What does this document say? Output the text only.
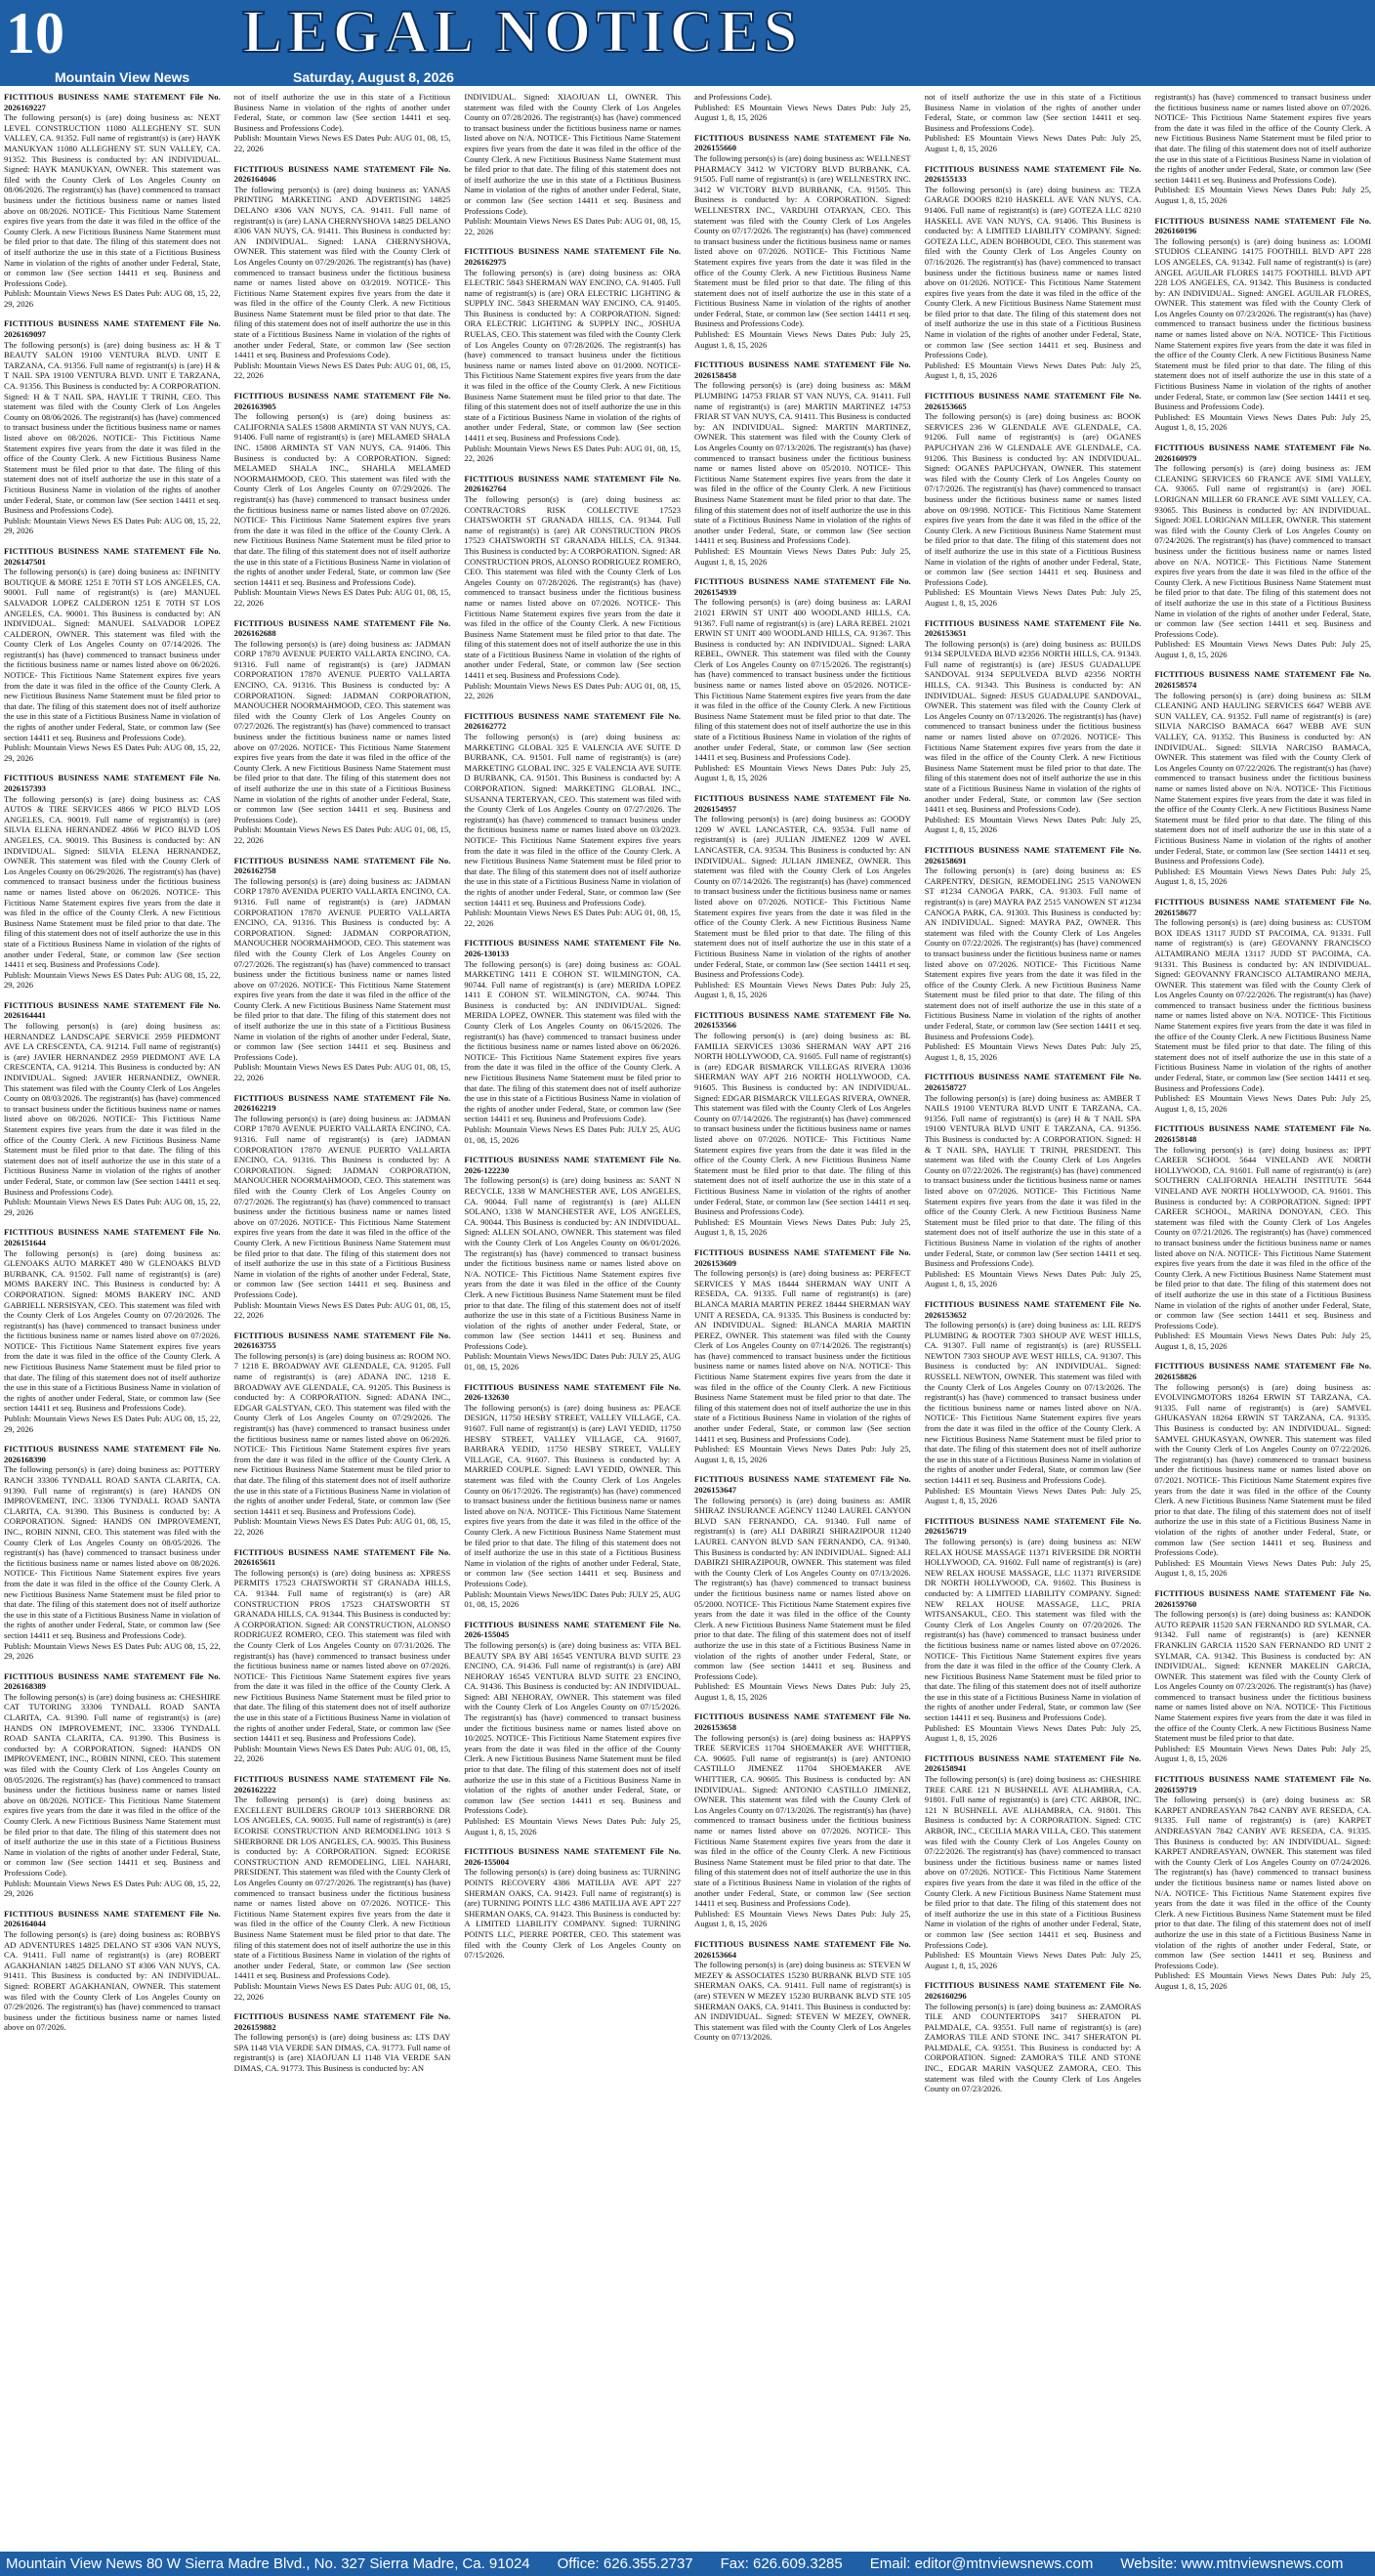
10	LEGAL NOTICES
Mountain View News	Saturday, August 8, 2026

FICTITIOUS BUSINESS NAME STATEMENT File No. 2026169227

The following person(s) is (are) doing business as: NEXT LEVEL CONSTRUCTION 11080 ALLEGHENY ST. SUN VALLEY, CA. 91352. Full name of registrant(s) is (are) HAYK MANUKYAN 11080 ALLEGHENY ST. SUN VALLEY, CA. 91352. This Business is conducted by: AN INDIVIDUAL. Signed: HAYK MANUKYAN, OWNER. This statement was filed with the County Clerk of Los Angeles County on 08/06/2026. The registrant(s) has (have) commenced to transact business under the fictitious business name or names listed above on 08/2026. NOTICE- This Fictitious Name Statement expires five years from the date it was filed in the office of the County Clerk. A new Fictitious Business Name Statement must be filed prior to that date. The filing of this statement does not of itself authorize the use in this state of a Fictitious Business Name in violation of the rights of another under Federal, State, or common law (See section 14411 et seq. Business and Professions Code).

Publish: Mountain Views News ES Dates Pub: AUG 08, 15, 22, 29, 2026

FICTITIOUS BUSINESS NAME STATEMENT File No. 2026169097

The following person(s) is (are) doing business as: H & T BEAUTY SALON 19100 VENTURA BLVD. UNIT E TARZANA, CA. 91356. Full name of registrant(s) is (are) H & T NAIL SPA 19100 VENTURA BLVD. UNIT E TARZANA, CA. 91356. This Business is conducted by: A CORPORATION. Signed: H & T NAIL SPA, HAYLIE T TRINH, CEO. This statement was filed with the County Clerk of Los Angeles County on 08/06/2026. The registrant(s) has (have) commenced to transact business under the fictitious business name or names listed above on 08/2026. NOTICE- This Fictitious Name Statement expires five years from the date it was filed in the office of the County Clerk. A new Fictitious Business Name Statement must be filed prior to that date. The filing of this statement does not of itself authorize the use in this state of a Fictitious Business Name in violation of the rights of another under Federal, State, or common law (See section 14411 et seq. Business and Professions Code).

Publish: Mountain Views News ES Dates Pub: AUG 08, 15, 22, 29, 2026

FICTITIOUS BUSINESS NAME STATEMENT File No. 2026147501

The following person(s) is (are) doing business as: INFINITY BOUTIQUE & MORE 1251 E 70TH ST LOS ANGELES, CA. 90001. Full name of registrant(s) is (are) MANUEL SALVADOR LOPEZ CALDERON 1251 E 70TH ST LOS ANGELES, CA. 90001. This Business is conducted by: AN INDIVIDUAL. Signed: MANUEL SALVADOR LOPEZ CALDERON, OWNER. This statement was filed with the County Clerk of Los Angeles County on 07/14/2026. The registrant(s) has (have) commenced to transact business under the fictitious business name or names listed above on 06/2026. NOTICE- This Fictitious Name Statement expires five years from the date it was filed in the office of the County Clerk. A new Fictitious Business Name Statement must be filed prior to that date. The filing of this statement does not of itself authorize the use in this state of a Fictitious Business Name in violation of the rights of another under Federal, State, or common law (See section 14411 et seq. Business and Professions Code).

Publish: Mountain Views News ES Dates Pub: AUG 08, 15, 22, 29, 2026

FICTITIOUS BUSINESS NAME STATEMENT File No. 2026157393

The following person(s) is (are) doing business as: CAS AUTOS & TIRE SERVICES 4866 W PICO BLVD LOS ANGELES, CA. 90019. Full name of registrant(s) is (are) SILVIA ELENA HERNANDEZ 4866 W PICO BLVD LOS ANGELES, CA. 90019. This Business is conducted by: AN INDIVIDUAL. Signed: SILVIA ELENA HERNANDEZ, OWNER. This statement was filed with the County Clerk of Los Angeles County on 06/29/2026. The registrant(s) has (have) commenced to transact business under the fictitious business name or names listed above on 06/2026. NOTICE- This Fictitious Name Statement expires five years from the date it was filed in the office of the County Clerk. A new Fictitious Business Name Statement must be filed prior to that date. The filing of this statement does not of itself authorize the use in this state of a Fictitious Business Name in violation of the rights of another under Federal, State, or common law (See section 14411 et seq. Business and Professions Code).

Publish: Mountain Views News ES Dates Pub: AUG 08, 15, 22, 29, 2026

FICTITIOUS BUSINESS NAME STATEMENT File No. 2026164441

The following person(s) is (are) doing business as: HERNANDEZ LANDSCAPE SERVICE 2959 PIEDMONT AVE LA CRESCENTA, CA. 91214. Full name of registrant(s) is (are) JAVIER HERNANDEZ 2959 PIEDMONT AVE LA CRESCENTA, CA. 91214. This Business is conducted by: AN INDIVIDUAL. Signed: JAVIER HERNANDEZ, OWNER. This statement was filed with the County Clerk of Los Angeles County on 08/03/2026. The registrant(s) has (have) commenced to transact business under the fictitious business name or names listed above on 08/2026. NOTICE- This Fictitious Name Statement expires five years from the date it was filed in the office of the County Clerk. A new Fictitious Business Name Statement must be filed prior to that date. The filing of this statement does not of itself authorize the use in this state of a Fictitious Business Name in violation of the rights of another under Federal, State, or common law (See section 14411 et seq. Business and Professions Code).

Publish: Mountain Views News ES Dates Pub: AUG 08, 15, 22, 29, 2026

FICTITIOUS BUSINESS NAME STATEMENT File No. 2026151644

The following person(s) is (are) doing business as: GLENOAKS AUTO MARKET 480 W GLENOAKS BLVD BURBANK, CA. 91502. Full name of registrant(s) is (are) MOMS BAKERY INC. This Business is conducted by: A CORPORATION. Signed: MOMS BAKERY INC. AND GABRIELL NERSISYAN, CEO. This statement was filed with the County Clerk of Los Angeles County on 07/20/2026. The registrant(s) has (have) commenced to transact business under the fictitious business name or names listed above on 07/2026. NOTICE- This Fictitious Name Statement expires five years from the date it was filed in the office of the County Clerk. A new Fictitious Business Name Statement must be filed prior to that date. The filing of this statement does not of itself authorize the use in this state of a Fictitious Business Name in violation of the rights of another under Federal, State, or common law (See section 14411 et seq. Business and Professions Code).

Publish: Mountain Views News ES Dates Pub: AUG 08, 15, 22, 29, 2026

FICTITIOUS BUSINESS NAME STATEMENT File No. 2026168390

The following person(s) is (are) doing business as: POTTERY RANCH 33306 TYNDALL ROAD SANTA CLARITA, CA. 91390. Full name of registrant(s) is (are) HANDS ON IMPROVEMENT, INC. 33306 TYNDALL ROAD SANTA CLARITA, CA. 91390. This Business is conducted by: A CORPORATION. Signed: HANDS ON IMPROVEMENT, INC., ROBIN NINNI, CEO. This statement was filed with the County Clerk of Los Angeles County on 08/05/2026. The registrant(s) has (have) commenced to transact business under the fictitious business name or names listed above on 08/2026. NOTICE- This Fictitious Name Statement expires five years from the date it was filed in the office of the County Clerk. A new Fictitious Business Name Statement must be filed prior to that date. The filing of this statement does not of itself authorize the use in this state of a Fictitious Business Name in violation of the rights of another under Federal, State, or common law (See section 14411 et seq. Business and Professions Code).

Publish: Mountain Views News ES Dates Pub: AUG 08, 15, 22, 29, 2026

FICTITIOUS BUSINESS NAME STATEMENT File No. 2026168389

The following person(s) is (are) doing business as: CHESHIRE CAT TUTORING 33306 TYNDALL ROAD SANTA CLARITA, CA. 91390. Full name of registrant(s) is (are) HANDS ON IMPROVEMENT, INC. 33306 TYNDALL ROAD SANTA CLARITA, CA. 91390. This Business is conducted by: A CORPORATION. Signed: HANDS ON IMPROVEMENT, INC., ROBIN NINNI, CEO. This statement was filed with the County Clerk of Los Angeles County on 08/05/2026. The registrant(s) has (have) commenced to transact business under the fictitious business name or names listed above on 08/2026. NOTICE- This Fictitious Name Statement expires five years from the date it was filed in the office of the County Clerk. A new Fictitious Business Name Statement must be filed prior to that date. The filing of this statement does not of itself authorize the use in this state of a Fictitious Business Name in violation of the rights of another under Federal, State, or common law (See section 14411 et seq. Business and Professions Code).

Publish: Mountain Views News ES Dates Pub: AUG 08, 15, 22, 29, 2026

FICTITIOUS BUSINESS NAME STATEMENT File No. 2026164044

The following person(s) is (are) doing business as: ROBBYS AD ADVENTURES 14825 DELANO ST #306 VAN NUYS, CA. 91411. Full name of registrant(s) is (are) ROBERT AGAKHANIAN 14825 DELANO ST #306 VAN NUYS, CA. 91411. This Business is conducted by: AN INDIVIDUAL. Signed: ROBERT AGAKHANIAN, OWNER. This statement was filed with the County Clerk of Los Angeles County on 07/29/2026. The registrant(s) has (have) commenced to transact business under the fictitious business name or names listed above on 07/2026.

not of itself authorize the use in this state of a Fictitious Business Name in violation of the rights of another under Federal, State, or common law (See section 14411 et seq. Business and Professions Code).

Publish: Mountain Views News ES Dates Pub: AUG 01, 08, 15, 22, 2026

FICTITIOUS BUSINESS NAME STATEMENT File No. 2026164046

The following person(s) is (are) doing business as: YANAS PRINTING MARKETING AND ADVERTISING 14825 DELANO #306 VAN NUYS, CA. 91411. Full name of registrant(s) is (are) LANA CHERNYSHOVA 14825 DELANO #306 VAN NUYS, CA. 91411. This Business is conducted by: AN INDIVIDUAL. Signed: LANA CHERNYSHOVA, OWNER. This statement was filed with the County Clerk of Los Angeles County on 07/29/2026. The registrant(s) has (have) commenced to transact business under the fictitious business name or names listed above on 03/2019. NOTICE- This Fictitious Name Statement expires five years from the date it was filed in the office of the County Clerk. A new Fictitious Business Name Statement must be filed prior to that date. The filing of this statement does not of itself authorize the use in this state of a Fictitious Business Name in violation of the rights of another under Federal, State, or common law (See section 14411 et seq. Business and Professions Code).

Publish: Mountain Views News ES Dates Pub: AUG 01, 08, 15, 22, 2026

FICTITIOUS BUSINESS NAME STATEMENT File No. 2026163905

The following person(s) is (are) doing business as: CALIFORNIA SALES 15808 ARMINTA ST VAN NUYS, CA. 91406. Full name of registrant(s) is (are) MELAMED SHALA INC. 15808 ARMINTA ST VAN NUYS, CA. 91406. This Business is conducted by: A CORPORATION. Signed: MELAMED SHALA INC., SHAHLA MELAMED NOORMAHMOOD, CEO. This statement was filed with the County Clerk of Los Angeles County on 07/29/2026. The registrant(s) has (have) commenced to transact business under the fictitious business name or names listed above on 07/2026. NOTICE- This Fictitious Name Statement expires five years from the date it was filed in the office of the County Clerk. A new Fictitious Business Name Statement must be filed prior to that date. The filing of this statement does not of itself authorize the use in this state of a Fictitious Business Name in violation of the rights of another under Federal, State, or common law (See section 14411 et seq. Business and Professions Code).

Publish: Mountain Views News ES Dates Pub: AUG 01, 08, 15, 22, 2026

FICTITIOUS BUSINESS NAME STATEMENT File No. 2026162688

The following person(s) is (are) doing business as: JADMAN CORP 17870 AVENUE PUERTO VALLARTA ENCINO, CA. 91316. Full name of registrant(s) is (are) JADMAN CORPORATION 17870 AVENUE PUERTO VALLARTA ENCINO, CA. 91316. This Business is conducted by: A CORPORATION. Signed: JADMAN CORPORATION, MANOUCHER NOORMAHMOOD, CEO. This statement was filed with the County Clerk of Los Angeles County on 07/27/2026. The registrant(s) has (have) commenced to transact business under the fictitious business name or names listed above on 07/2026. NOTICE- This Fictitious Name Statement expires five years from the date it was filed in the office of the County Clerk. A new Fictitious Business Name Statement must be filed prior to that date. The filing of this statement does not of itself authorize the use in this state of a Fictitious Business Name in violation of the rights of another under Federal, State, or common law (See section 14411 et seq. Business and Professions Code).

Publish: Mountain Views News ES Dates Pub: AUG 01, 08, 15, 22, 2026

FICTITIOUS BUSINESS NAME STATEMENT File No. 2026162758

The following person(s) is (are) doing business as: JADMAN CORP 17870 AVENIDA PUERTO VALLARTA ENCINO, CA. 91316. Full name of registrant(s) is (are) JADMAN CORPORATION 17870 AVENUE PUERTO VALLARTA ENCINO, CA. 91316. This Business is conducted by: A CORPORATION. Signed: JADMAN CORPORATION, MANOUCHER NOORMAHMOOD, CEO. This statement was filed with the County Clerk of Los Angeles County on 07/27/2026. The registrant(s) has (have) commenced to transact business under the fictitious business name or names listed above on 07/2026. NOTICE- This Fictitious Name Statement expires five years from the date it was filed in the office of the County Clerk. A new Fictitious Business Name Statement must be filed prior to that date. The filing of this statement does not of itself authorize the use in this state of a Fictitious Business Name in violation of the rights of another under Federal, State, or common law (See section 14411 et seq. Business and Professions Code).

Publish: Mountain Views News ES Dates Pub: AUG 01, 08, 15, 22, 2026

FICTITIOUS BUSINESS NAME STATEMENT File No. 2026162219

The following person(s) is (are) doing business as: JADMAN CORP 17870 AVENUE PUERTO VALLARTA ENCINO, CA. 91316. Full name of registrant(s) is (are) JADMAN CORPORATION 17870 AVENUE PUERTO VALLARTA ENCINO, CA. 91316. This Business is conducted by: A CORPORATION. Signed: JADMAN CORPORATION, MANOUCHER NOORMAHMOOD, CEO. This statement was filed with the County Clerk of Los Angeles County on 07/27/2026. The registrant(s) has (have) commenced to transact business under the fictitious business name or names listed above on 07/2026. NOTICE- This Fictitious Name Statement expires five years from the date it was filed in the office of the County Clerk. A new Fictitious Business Name Statement must be filed prior to that date. The filing of this statement does not of itself authorize the use in this state of a Fictitious Business Name in violation of the rights of another under Federal, State, or common law (See section 14411 et seq. Business and Professions Code).

Publish: Mountain Views News ES Dates Pub: AUG 01, 08, 15, 22, 2026

FICTITIOUS BUSINESS NAME STATEMENT File No. 2026163755

The following person(s) is (are) doing business as: ROOM NO. 7 1218 E. BROADWAY AVE GLENDALE, CA. 91205. Full name of registrant(s) is (are) ADANA INC. 1218 E. BROADWAY AVE GLENDALE, CA. 91205. This Business is conducted by: A CORPORATION. Signed: ADANA INC., EDGAR GALSTYAN, CEO. This statement was filed with the County Clerk of Los Angeles County on 07/29/2026. The registrant(s) has (have) commenced to transact business under the fictitious business name or names listed above on 06/2026. NOTICE- This Fictitious Name Statement expires five years from the date it was filed in the office of the County Clerk. A new Fictitious Business Name Statement must be filed prior to that date. The filing of this statement does not of itself authorize the use in this state of a Fictitious Business Name in violation of the rights of another under Federal, State, or common law (See section 14411 et seq. Business and Professions Code).

Publish: Mountain Views News ES Dates Pub: AUG 01, 08, 15, 22, 2026

FICTITIOUS BUSINESS NAME STATEMENT File No. 2026165611

The following person(s) is (are) doing business as: XPRESS PERMITS 17523 CHATSWORTH ST GRANADA HILLS, CA. 91344. Full name of registrant(s) is (are) AR CONSTRUCTION PROS 17523 CHATSWORTH ST GRANADA HILLS, CA. 91344. This Business is conducted by: A CORPORATION. Signed: AR CONSTRUCTION, ALONSO RODRIGUEZ ROMERO, CEO. This statement was filed with the County Clerk of Los Angeles County on 07/31/2026. The registrant(s) has (have) commenced to transact business under the fictitious business name or names listed above on 07/2026. NOTICE- This Fictitious Name Statement expires five years from the date it was filed in the office of the County Clerk. A new Fictitious Business Name Statement must be filed prior to that date. The filing of this statement does not of itself authorize the use in this state of a Fictitious Business Name in violation of the rights of another under Federal, State, or common law (See section 14411 et seq. Business and Professions Code).

Publish: Mountain Views News ES Dates Pub: AUG 01, 08, 15, 22, 2026

FICTITIOUS BUSINESS NAME STATEMENT File No. 2026162222

The following person(s) is (are) doing business as: EXCELLENT BUILDERS GROUP 1013 SHERBORNE DR LOS ANGELES, CA. 90035. Full name of registrant(s) is (are) ECORISE CONSTRUCTION AND REMODELING 1013 S SHERBORNE DR LOS ANGELES, CA. 90035. This Business is conducted by: A CORPORATION. Signed: ECORISE CONSTRUCTION AND REMODELING, LIEL NAHARI, PRESIDENT. This statement was filed with the County Clerk of Los Angeles County on 07/27/2026. The registrant(s) has (have) commenced to transact business under the fictitious business name or names listed above on 07/2026. NOTICE- This Fictitious Name Statement expires five years from the date it was filed in the office of the County Clerk. A new Fictitious Business Name Statement must be filed prior to that date. The filing of this statement does not of itself authorize the use in this state of a Fictitious Business Name in violation of the rights of another under Federal, State, or common law (See section 14411 et seq. Business and Professions Code).

Publish: Mountain Views News ES Dates Pub: AUG 01, 08, 15, 22, 2026

FICTITIOUS BUSINESS NAME STATEMENT File No. 2026159882

The following person(s) is (are) doing business as: LTS DAY SPA 1148 VIA VERDE SAN DIMAS, CA. 91773. Full name of registrant(s) is (are) XIAOJUAN LI 1148 VIA VERDE SAN DIMAS, CA. 91773. This Business is conducted by: AN

INDIVIDUAL. Signed: XIAOJUAN LI, OWNER. This statement was filed with the County Clerk of Los Angeles County on 07/28/2026. The registrant(s) has (have) commenced to transact business under the fictitious business name or names listed above on N/A. NOTICE- This Fictitious Name Statement expires five years from the date it was filed in the office of the County Clerk. A new Fictitious Business Name Statement must be filed prior to that date. The filing of this statement does not of itself authorize the use in this state of a Fictitious Business Name in violation of the rights of another under Federal, State, or common law (See section 14411 et seq. Business and Professions Code).

Publish: Mountain Views News ES Dates Pub: AUG 01, 08, 15, 22, 2026

FICTITIOUS BUSINESS NAME STATEMENT File No. 2026162975

The following person(s) is (are) doing business as: ORA ELECTRIC 5843 SHERMAN WAY ENCINO, CA. 91405. Full name of registrant(s) is (are) ORA ELECTRIC LIGHTING & SUPPLY INC. 5843 SHERMAN WAY ENCINO, CA. 91405. This Business is conducted by: A CORPORATION. Signed: ORA ELECTRIC LIGHTING & SUPPLY INC., JOSHUA RUELAS, CEO. This statement was filed with the County Clerk of Los Angeles County on 07/28/2026. The registrant(s) has (have) commenced to transact business under the fictitious business name or names listed above on 01/2000. NOTICE- This Fictitious Name Statement expires five years from the date it was filed in the office of the County Clerk. A new Fictitious Business Name Statement must be filed prior to that date. The filing of this statement does not of itself authorize the use in this state of a Fictitious Business Name in violation of the rights of another under Federal, State, or common law (See section 14411 et seq. Business and Professions Code).

Publish: Mountain Views News ES Dates Pub: AUG 01, 08, 15, 22, 2026

FICTITIOUS BUSINESS NAME STATEMENT File No. 2026162764

The following person(s) is (are) doing business as: CONTRACTORS RISK COLLECTIVE 17523 CHATSWORTH ST GRANADA HILLS, CA. 91344. Full name of registrant(s) is (are) AR CONSTRUCTION PROS 17523 CHATSWORTH ST GRANADA HILLS, CA. 91344. This Business is conducted by: A CORPORATION. Signed: AR CONSTRUCTION PROS, ALONSO RODRIGUEZ ROMERO, CEO. This statement was filed with the County Clerk of Los Angeles County on 07/28/2026. The registrant(s) has (have) commenced to transact business under the fictitious business name or names listed above on 07/2026. NOTICE- This Fictitious Name Statement expires five years from the date it was filed in the office of the County Clerk. A new Fictitious Business Name Statement must be filed prior to that date. The filing of this statement does not of itself authorize the use in this state of a Fictitious Business Name in violation of the rights of another under Federal, State, or common law (See section 14411 et seq. Business and Professions Code).

Publish: Mountain Views News ES Dates Pub: AUG 01, 08, 15, 22, 2026

FICTITIOUS BUSINESS NAME STATEMENT File No. 2026162772

The following person(s) is (are) doing business as: MARKETING GLOBAL 325 E VALENCIA AVE SUITE D BURBANK, CA. 91501. Full name of registrant(s) is (are) MARKETING GLOBAL INC. 325 E VALENCIA AVE SUITE D BURBANK, CA. 91501. This Business is conducted by: A CORPORATION. Signed: MARKETING GLOBAL INC., SUSANNA TERTERYAN, CEO. This statement was filed with the County Clerk of Los Angeles County on 07/27/2026. The registrant(s) has (have) commenced to transact business under the fictitious business name or names listed above on 03/2023. NOTICE- This Fictitious Name Statement expires five years from the date it was filed in the office of the County Clerk. A new Fictitious Business Name Statement must be filed prior to that date. The filing of this statement does not of itself authorize the use in this state of a Fictitious Business Name in violation of the rights of another under Federal, State, or common law (See section 14411 et seq. Business and Professions Code).

Publish: Mountain Views News ES Dates Pub: AUG 01, 08, 15, 22, 2026

FICTITIOUS BUSINESS NAME STATEMENT File No. 2026-130133

The following person(s) is (are) doing business as: GOAL MARKETING 1411 E COHON ST. WILMINGTON, CA. 90744. Full name of registrant(s) is (are) MERIDA LOPEZ 1411 E COHON ST. WILMINGTON, CA. 90744. This Business is conducted by: AN INDIVIDUAL. Signed: MERIDA LOPEZ, OWNER. This statement was filed with the County Clerk of Los Angeles County on 06/15/2026. The registrant(s) has (have) commenced to transact business under the fictitious business name or names listed above on 06/2026. NOTICE- This Fictitious Name Statement expires five years from the date it was filed in the office of the County Clerk. A new Fictitious Business Name Statement must be filed prior to that date. The filing of this statement does not of itself authorize the use in this state of a Fictitious Business Name in violation of the rights of another under Federal, State, or common law (See section 14411 et seq. Business and Professions Code).

Publish: Mountain Views News ES Dates Pub: JULY 25, AUG 01, 08, 15, 2026

FICTITIOUS BUSINESS NAME STATEMENT File No. 2026-122230

The following person(s) is (are) doing business as: SANT N RECYCLE, 1338 W MANCHESTER AVE, LOS ANGELES, CA. 90044. Full name of registrant(s) is (are) ALLEN SOLANO, 1338 W MANCHESTER AVE, LOS ANGELES, CA. 90044. This Business is conducted by: AN INDIVIDUAL. Signed: ALLEN SOLANO, OWNER. This statement was filed with the County Clerk of Los Angeles County on 06/01/2026. The registrant(s) has (have) commenced to transact business under the fictitious business name or names listed above on N/A. NOTICE- This Fictitious Name Statement expires five years from the date it was filed in the office of the County Clerk. A new Fictitious Business Name Statement must be filed prior to that date. The filing of this statement does not of itself authorize the use in this state of a Fictitious Business Name in violation of the rights of another under Federal, State, or common law (See section 14411 et seq. Business and Professions Code).

Publish: Mountain Views News/IDC Dates Pub: JULY 25, AUG 01, 08, 15, 2026

FICTITIOUS BUSINESS NAME STATEMENT File No. 2026-132630

The following person(s) is (are) doing business as: PEACE DESIGN, 11750 HESBY STREET, VALLEY VILLAGE, CA. 91607. Full name of registrant(s) is (are) LAVI YEDID, 11750 HESBY STREET, VALLEY VILLAGE, CA. 91607, BARBARA YEDID, 11750 HESBY STREET, VALLEY VILLAGE, CA. 91607. This Business is conducted by: A MARRIED COUPLE. Signed: LAVI YEDID, OWNER. This statement was filed with the County Clerk of Los Angeles County on 06/17/2026. The registrant(s) has (have) commenced to transact business under the fictitious business name or names listed above on N/A. NOTICE- This Fictitious Name Statement expires five years from the date it was filed in the office of the County Clerk. A new Fictitious Business Name Statement must be filed prior to that date. The filing of this statement does not of itself authorize the use in this state of a Fictitious Business Name in violation of the rights of another under Federal, State, or common law (See section 14411 et seq. Business and Professions Code).

Publish: Mountain Views News/IDC Dates Pub: JULY 25, AUG 01, 08, 15, 2026

FICTITIOUS BUSINESS NAME STATEMENT File No. 2026-155045

The following person(s) is (are) doing business as: VITA BEL BEAUTY SPA BY ABI 16545 VENTURA BLVD SUITE 23 ENCINO, CA. 91436. Full name of registrant(s) is (are) ABI NEHORAY 16545 VENTURA BLVD SUITE 23 ENCINO, CA. 91436. This Business is conducted by: AN INDIVIDUAL. Signed: ABI NEHORAY, OWNER. This statement was filed with the County Clerk of Los Angeles County on 07/15/2026. The registrant(s) has (have) commenced to transact business under the fictitious business name or names listed above on 10/2025. NOTICE- This Fictitious Name Statement expires five years from the date it was filed in the office of the County Clerk. A new Fictitious Business Name Statement must be filed prior to that date. The filing of this statement does not of itself authorize the use in this state of a Fictitious Business Name in violation of the rights of another under Federal, State, or common law (See section 14411 et seq. Business and Professions Code).

Published: ES Mountain Views News Dates Pub: July 25, August 1, 8, 15, 2026

FICTITIOUS BUSINESS NAME STATEMENT File No. 2026-155004

The following person(s) is (are) doing business as: TURNING POINTS RECOVERY 4386 MATILIJA AVE APT 227 SHERMAN OAKS, CA. 91423. Full name of registrant(s) is (are) TURNING POINTS LLC 4386 MATILIJA AVE APT 227 SHERMAN OAKS, CA. 91423. This Business is conducted by: A LIMITED LIABILITY COMPANY. Signed: TURNING POINTS LLC, PIERRE PORTER, CEO. This statement was filed with the County Clerk of Los Angeles County on 07/15/2026.

and Professions Code).

Published: ES Mountain Views News Dates Pub: July 25, August 1, 8, 15, 2026

FICTITIOUS BUSINESS NAME STATEMENT File No. 2026155660

The following person(s) is (are) doing business as: WELLNEST PHARMACY 3412 W VICTORY BLVD BURBANK, CA. 91505. Full name of registrant(s) is (are) WELLNESTRX INC. 3412 W VICTORY BLVD BURBANK, CA. 91505. This Business is conducted by: A CORPORATION. Signed: WELLNESTRX INC., VARDUHI OTARYAN, CEO. This statement was filed with the County Clerk of Los Angeles County on 07/17/2026. The registrant(s) has (have) commenced to transact business under the fictitious business name or names listed above on 07/2026. NOTICE- This Fictitious Name Statement expires five years from the date it was filed in the office of the County Clerk. A new Fictitious Business Name Statement must be filed prior to that date. The filing of this statement does not of itself authorize the use in this state of a Fictitious Business Name in violation of the rights of another under Federal, State, or common law (See section 14411 et seq. Business and Professions Code).

Published: ES Mountain Views News Dates Pub: July 25, August 1, 8, 15, 2026

FICTITIOUS BUSINESS NAME STATEMENT File No. 2026158458

The following person(s) is (are) doing business as: M&M PLUMBING 14753 FRIAR ST VAN NUYS, CA. 91411. Full name of registrant(s) is (are) MARTIN MARTINEZ 14753 FRIAR ST VAN NUYS, CA. 91411. This Business is conducted by: AN INDIVIDUAL. Signed: MARTIN MARTINEZ, OWNER. This statement was filed with the County Clerk of Los Angeles County on 07/13/2026. The registrant(s) has (have) commenced to transact business under the fictitious business name or names listed above on 05/2010. NOTICE- This Fictitious Name Statement expires five years from the date it was filed in the office of the County Clerk. A new Fictitious Business Name Statement must be filed prior to that date. The filing of this statement does not of itself authorize the use in this state of a Fictitious Business Name in violation of the rights of another under Federal, State, or common law (See section 14411 et seq. Business and Professions Code).

Published: ES Mountain Views News Dates Pub: July 25, August 1, 8, 15, 2026

FICTITIOUS BUSINESS NAME STATEMENT File No. 2026154939

The following person(s) is (are) doing business as: LARAI 21021 ERWIN ST UNIT 400 WOODLAND HILLS, CA. 91367. Full name of registrant(s) is (are) LARA REBEL 21021 ERWIN ST UNIT 400 WOODLAND HILLS, CA. 91367. This Business is conducted by: AN INDIVIDUAL. Signed: LARA REBEL, OWNER. This statement was filed with the County Clerk of Los Angeles County on 07/15/2026. The registrant(s) has (have) commenced to transact business under the fictitious business name or names listed above on 05/2026. NOTICE- This Fictitious Name Statement expires five years from the date it was filed in the office of the County Clerk. A new Fictitious Business Name Statement must be filed prior to that date. The filing of this statement does not of itself authorize the use in this state of a Fictitious Business Name in violation of the rights of another under Federal, State, or common law (See section 14411 et seq. Business and Professions Code).

Published: ES Mountain Views News Dates Pub: July 25, August 1, 8, 15, 2026

FICTITIOUS BUSINESS NAME STATEMENT File No. 2026154957

The following person(s) is (are) doing business as: GOODY 1209 W AVEL LANCASTER, CA. 93534. Full name of registrant(s) is (are) JULIAN JIMENEZ 1209 W AVEL LANCASTER, CA. 93534. This Business is conducted by: AN INDIVIDUAL. Signed: JULIAN JIMENEZ, OWNER. This statement was filed with the County Clerk of Los Angeles County on 07/14/2026. The registrant(s) has (have) commenced to transact business under the fictitious business name or names listed above on 07/2026. NOTICE- This Fictitious Name Statement expires five years from the date it was filed in the office of the County Clerk. A new Fictitious Business Name Statement must be filed prior to that date. The filing of this statement does not of itself authorize the use in this state of a Fictitious Business Name in violation of the rights of another under Federal, State, or common law (See section 14411 et seq. Business and Professions Code).

Published: ES Mountain Views News Dates Pub: July 25, August 1, 8, 15, 2026

FICTITIOUS BUSINESS NAME STATEMENT File No. 2026153566

The following person(s) is (are) doing business as: BL FAMILIA SERVICES 13036 SHERMAN WAY APT 216 NORTH HOLLYWOOD, CA. 91605. Full name of registrant(s) is (are) EDGAR BISMARCK VILLEGAS RIVERA 13036 SHERMAN WAY APT 216 NORTH HOLLYWOOD, CA. 91605. This Business is conducted by: AN INDIVIDUAL. Signed: EDGAR BISMARCK VILLEGAS RIVERA, OWNER. This statement was filed with the County Clerk of Los Angeles County on 07/14/2026. The registrant(s) has (have) commenced to transact business under the fictitious business name or names listed above on 07/2026. NOTICE- This Fictitious Name Statement expires five years from the date it was filed in the office of the County Clerk. A new Fictitious Business Name Statement must be filed prior to that date. The filing of this statement does not of itself authorize the use in this state of a Fictitious Business Name in violation of the rights of another under Federal, State, or common law (See section 14411 et seq. Business and Professions Code).

Published: ES Mountain Views News Dates Pub: July 25, August 1, 8, 15, 2026

FICTITIOUS BUSINESS NAME STATEMENT File No. 2026153609

The following person(s) is (are) doing business as: PERFECT SERVICES Y MAS 18444 SHERMAN WAY UNIT A RESEDA, CA. 91335. Full name of registrant(s) is (are) BLANCA MARIA MARTIN PEREZ 18444 SHERMAN WAY UNIT A RESEDA, CA. 91335. This Business is conducted by: AN INDIVIDUAL. Signed: BLANCA MARIA MARTIN PEREZ, OWNER. This statement was filed with the County Clerk of Los Angeles County on 07/14/2026. The registrant(s) has (have) commenced to transact business under the fictitious business name or names listed above on N/A. NOTICE- This Fictitious Name Statement expires five years from the date it was filed in the office of the County Clerk. A new Fictitious Business Name Statement must be filed prior to that date. The filing of this statement does not of itself authorize the use in this state of a Fictitious Business Name in violation of the rights of another under Federal, State, or common law (See section 14411 et seq. Business and Professions Code).

Published: ES Mountain Views News Dates Pub: July 25, August 1, 8, 15, 2026

FICTITIOUS BUSINESS NAME STATEMENT File No. 2026153647

The following person(s) is (are) doing business as: AMIR SHIRAZ INSURANCE AGENCY 11240 LAUREL CANYON BLVD SAN FERNANDO, CA. 91340. Full name of registrant(s) is (are) ALI DABIRZI SHIRAZIPOUR 11240 LAUREL CANYON BLVD SAN FERNANDO, CA. 91340. This Business is conducted by: AN INDIVIDUAL. Signed: ALI DABIRZI SHIRAZIPOUR, OWNER. This statement was filed with the County Clerk of Los Angeles County on 07/13/2026. The registrant(s) has (have) commenced to transact business under the fictitious business name or names listed above on 05/2000. NOTICE- This Fictitious Name Statement expires five years from the date it was filed in the office of the County Clerk. A new Fictitious Business Name Statement must be filed prior to that date. The filing of this statement does not of itself authorize the use in this state of a Fictitious Business Name in violation of the rights of another under Federal, State, or common law (See section 14411 et seq. Business and Professions Code).

Published: ES Mountain Views News Dates Pub: July 25, August 1, 8, 15, 2026

FICTITIOUS BUSINESS NAME STATEMENT File No. 2026153658

The following person(s) is (are) doing business as: HAPPYS TREE SERVICES 11704 SHOEMAKER AVE WHITTIER, CA. 90605. Full name of registrant(s) is (are) ANTONIO CASTILLO JIMENEZ 11704 SHOEMAKER AVE WHITTIER, CA. 90605. This Business is conducted by: AN INDIVIDUAL. Signed: ANTONIO CASTILLO JIMENEZ, OWNER. This statement was filed with the County Clerk of Los Angeles County on 07/13/2026. The registrant(s) has (have) commenced to transact business under the fictitious business name or names listed above on 07/2026. NOTICE- This Fictitious Name Statement expires five years from the date it was filed in the office of the County Clerk. A new Fictitious Business Name Statement must be filed prior to that date. The filing of this statement does not of itself authorize the use in this state of a Fictitious Business Name in violation of the rights of another under Federal, State, or common law (See section 14411 et seq. Business and Professions Code).

Published: ES Mountain Views News Dates Pub: July 25, August 1, 8, 15, 2026

FICTITIOUS BUSINESS NAME STATEMENT File No. 2026153664

The following person(s) is (are) doing business as: STEVEN W MEZEY & ASSOCIATES 15230 BURBANK BLVD STE 105 SHERMAN OAKS, CA. 91411. Full name of registrant(s) is (are) STEVEN W MEZEY 15230 BURBANK BLVD STE 105 SHERMAN OAKS, CA. 91411. This Business is conducted by: AN INDIVIDUAL. Signed: STEVEN W MEZEY, OWNER. This statement was filed with the County Clerk of Los Angeles County on 07/13/2026.

not of itself authorize the use in this state of a Fictitious Business Name in violation of the rights of another under Federal, State, or common law (See section 14411 et seq. Business and Professions Code).

Published: ES Mountain Views News Dates Pub: July 25, August 1, 8, 15, 2026

FICTITIOUS BUSINESS NAME STATEMENT File No. 2026155133

The following person(s) is (are) doing business as: TEZA GARAGE DOORS 8210 HASKELL AVE VAN NUYS, CA. 91406. Full name of registrant(s) is (are) GOTEZA LLC 8210 HASKELL AVE VAN NUYS, CA. 91406. This Business is conducted by: A LIMITED LIABILITY COMPANY. Signed: GOTEZA LLC, ADEN BOHBOUDI, CEO. This statement was filed with the County Clerk of Los Angeles County on 07/16/2026. The registrant(s) has (have) commenced to transact business under the fictitious business name or names listed above on 01/2026. NOTICE- This Fictitious Name Statement expires five years from the date it was filed in the office of the County Clerk. A new Fictitious Business Name Statement must be filed prior to that date. The filing of this statement does not of itself authorize the use in this state of a Fictitious Business Name in violation of the rights of another under Federal, State, or common law (See section 14411 et seq. Business and Professions Code).

Published: ES Mountain Views News Dates Pub: July 25, August 1, 8, 15, 2026

FICTITIOUS BUSINESS NAME STATEMENT File No. 2026153665

The following person(s) is (are) doing business as: BOOK SERVICES 236 W GLENDALE AVE GLENDALE, CA. 91206. Full name of registrant(s) is (are) OGANES PAPUCHYAN 236 W GLENDALE AVE GLENDALE, CA. 91206. This Business is conducted by: AN INDIVIDUAL. Signed: OGANES PAPUCHYAN, OWNER. This statement was filed with the County Clerk of Los Angeles County on 07/17/2026. The registrant(s) has (have) commenced to transact business under the fictitious business name or names listed above on 09/1998. NOTICE- This Fictitious Name Statement expires five years from the date it was filed in the office of the County Clerk. A new Fictitious Business Name Statement must be filed prior to that date. The filing of this statement does not of itself authorize the use in this state of a Fictitious Business Name in violation of the rights of another under Federal, State, or common law (See section 14411 et seq. Business and Professions Code).

Published: ES Mountain Views News Dates Pub: July 25, August 1, 8, 15, 2026

FICTITIOUS BUSINESS NAME STATEMENT File No. 2026153651

The following person(s) is (are) doing business as: BUILDS 9134 SEPULVEDA BLVD #2356 NORTH HILLS, CA. 91343. Full name of registrant(s) is (are) JESUS GUADALUPE SANDOVAL 9134 SEPULVEDA BLVD #2356 NORTH HILLS, CA. 91343. This Business is conducted by: AN INDIVIDUAL. Signed: JESUS GUADALUPE SANDOVAL, OWNER. This statement was filed with the County Clerk of Los Angeles County on 07/13/2026. The registrant(s) has (have) commenced to transact business under the fictitious business name or names listed above on 07/2026. NOTICE- This Fictitious Name Statement expires five years from the date it was filed in the office of the County Clerk. A new Fictitious Business Name Statement must be filed prior to that date. The filing of this statement does not of itself authorize the use in this state of a Fictitious Business Name in violation of the rights of another under Federal, State, or common law (See section 14411 et seq. Business and Professions Code).

Published: ES Mountain Views News Dates Pub: July 25, August 1, 8, 15, 2026

FICTITIOUS BUSINESS NAME STATEMENT File No. 2026158691

The following person(s) is (are) doing business as: ES CARPENTRY, DESIGN, REMODELING 2515 VANOWEN ST #1234 CANOGA PARK, CA. 91303. Full name of registrant(s) is (are) MAYRA PAZ 2515 VANOWEN ST #1234 CANOGA PARK, CA. 91303. This Business is conducted by: AN INDIVIDUAL. Signed: MAYRA PAZ, OWNER. This statement was filed with the County Clerk of Los Angeles County on 07/22/2026. The registrant(s) has (have) commenced to transact business under the fictitious business name or names listed above on 07/2026. NOTICE- This Fictitious Name Statement expires five years from the date it was filed in the office of the County Clerk. A new Fictitious Business Name Statement must be filed prior to that date. The filing of this statement does not of itself authorize the use in this state of a Fictitious Business Name in violation of the rights of another under Federal, State, or common law (See section 14411 et seq. Business and Professions Code).

Published: ES Mountain Views News Dates Pub: July 25, August 1, 8, 15, 2026

FICTITIOUS BUSINESS NAME STATEMENT File No. 2026158727

The following person(s) is (are) doing business as: AMBER T NAILS 19100 VENTURA BLVD UNIT E TARZANA, CA. 91356. Full name of registrant(s) is (are) H & T NAIL SPA 19100 VENTURA BLVD UNIT E TARZANA, CA. 91356. This Business is conducted by: A CORPORATION. Signed: H & T NAIL SPA, HAYLIE T TRINH, PRESIDENT. This statement was filed with the County Clerk of Los Angeles County on 07/22/2026. The registrant(s) has (have) commenced to transact business under the fictitious business name or names listed above on 07/2026. NOTICE- This Fictitious Name Statement expires five years from the date it was filed in the office of the County Clerk. A new Fictitious Business Name Statement must be filed prior to that date. The filing of this statement does not of itself authorize the use in this state of a Fictitious Business Name in violation of the rights of another under Federal, State, or common law (See section 14411 et seq. Business and Professions Code).

Published: ES Mountain Views News Dates Pub: July 25, August 1, 8, 15, 2026

FICTITIOUS BUSINESS NAME STATEMENT File No. 2026153652

The following person(s) is (are) doing business as: LIL RED'S PLUMBING & ROOTER 7303 SHOUP AVE WEST HILLS, CA. 91307. Full name of registrant(s) is (are) RUSSELL NEWTON 7303 SHOUP AVE WEST HILLS, CA. 91307. This Business is conducted by: AN INDIVIDUAL. Signed: RUSSELL NEWTON, OWNER. This statement was filed with the County Clerk of Los Angeles County on 07/13/2026. The registrant(s) has (have) commenced to transact business under the fictitious business name or names listed above on N/A. NOTICE- This Fictitious Name Statement expires five years from the date it was filed in the office of the County Clerk. A new Fictitious Business Name Statement must be filed prior to that date. The filing of this statement does not of itself authorize the use in this state of a Fictitious Business Name in violation of the rights of another under Federal, State, or common law (See section 14411 et seq. Business and Professions Code).

Published: ES Mountain Views News Dates Pub: July 25, August 1, 8, 15, 2026

FICTITIOUS BUSINESS NAME STATEMENT File No. 2026156719

The following person(s) is (are) doing business as: NEW RELAX HOUSE MASSAGE 11371 RIVERSIDE DR NORTH HOLLYWOOD, CA. 91602. Full name of registrant(s) is (are) NEW RELAX HOUSE MASSAGE, LLC 11371 RIVERSIDE DR NORTH HOLLYWOOD, CA. 91602. This Business is conducted by: A LIMITED LIABILITY COMPANY. Signed: NEW RELAX HOUSE MASSAGE, LLC, PRIA WITSANSAKUL, CEO. This statement was filed with the County Clerk of Los Angeles County on 07/20/2026. The registrant(s) has (have) commenced to transact business under the fictitious business name or names listed above on 07/2026. NOTICE- This Fictitious Name Statement expires five years from the date it was filed in the office of the County Clerk. A new Fictitious Business Name Statement must be filed prior to that date. The filing of this statement does not of itself authorize the use in this state of a Fictitious Business Name in violation of the rights of another under Federal, State, or common law (See section 14411 et seq. Business and Professions Code).

Published: ES Mountain Views News Dates Pub: July 25, August 1, 8, 15, 2026

FICTITIOUS BUSINESS NAME STATEMENT File No. 2026158941

The following person(s) is (are) doing business as: CHESHIRE TREE CARE 121 N BUSHNELL AVE ALHAMBRA, CA. 91801. Full name of registrant(s) is (are) CTC ARBOR, INC. 121 N BUSHNELL AVE ALHAMBRA, CA. 91801. This Business is conducted by: A CORPORATION. Signed: CTC ARBOR, INC., CECILIA MARA VILLA, CEO. This statement was filed with the County Clerk of Los Angeles County on 07/22/2026. The registrant(s) has (have) commenced to transact business under the fictitious business name or names listed above on 07/2026. NOTICE- This Fictitious Name Statement expires five years from the date it was filed in the office of the County Clerk. A new Fictitious Business Name Statement must be filed prior to that date. The filing of this statement does not of itself authorize the use in this state of a Fictitious Business Name in violation of the rights of another under Federal, State, or common law (See section 14411 et seq. Business and Professions Code).

Published: ES Mountain Views News Dates Pub: July 25, August 1, 8, 15, 2026

FICTITIOUS BUSINESS NAME STATEMENT File No. 2026160296

The following person(s) is (are) doing business as: ZAMORAS TILE AND COUNTERTOPS 3417 SHERATON PL PALMDALE, CA. 93551. Full name of registrant(s) is (are) ZAMORAS TILE AND STONE INC. 3417 SHERATON PL PALMDALE, CA. 93551. This Business is conducted by: A CORPORATION. Signed: ZAMORA'S TILE AND STONE INC., EDGAR MARIN VASQUEZ ZAMORA, CEO. This statement was filed with the County Clerk of Los Angeles County on 07/23/2026.

registrant(s) has (have) commenced to transact business under the fictitious business name or names listed above on 07/2026. NOTICE- This Fictitious Name Statement expires five years from the date it was filed in the office of the County Clerk. A new Fictitious Business Name Statement must be filed prior to that date. The filing of this statement does not of itself authorize the use in this state of a Fictitious Business Name in violation of the rights of another under Federal, State, or common law (See section 14411 et seq. Business and Professions Code).

Published: ES Mountain Views News Dates Pub: July 25, August 1, 8, 15, 2026

FICTITIOUS BUSINESS NAME STATEMENT File No. 2026160196

The following person(s) is (are) doing business as: LOOMI STUDIOS CLEANING 14175 FOOTHILL BLVD APT 228 LOS ANGELES, CA. 91342. Full name of registrant(s) is (are) ANGEL AGUILAR FLORES 14175 FOOTHILL BLVD APT 228 LOS ANGELES, CA. 91342. This Business is conducted by: AN INDIVIDUAL. Signed: ANGEL AGUILAR FLORES, OWNER. This statement was filed with the County Clerk of Los Angeles County on 07/23/2026. The registrant(s) has (have) commenced to transact business under the fictitious business name or names listed above on N/A. NOTICE- This Fictitious Name Statement expires five years from the date it was filed in the office of the County Clerk. A new Fictitious Business Name Statement must be filed prior to that date. The filing of this statement does not of itself authorize the use in this state of a Fictitious Business Name in violation of the rights of another under Federal, State, or common law (See section 14411 et seq. Business and Professions Code).

Published: ES Mountain Views News Dates Pub: July 25, August 1, 8, 15, 2026

FICTITIOUS BUSINESS NAME STATEMENT File No. 2026160979

The following person(s) is (are) doing business as: JEM CLEANING SERVICES 60 FRANCE AVE SIMI VALLEY, CA. 93065. Full name of registrant(s) is (are) JOEL LORIGNAN MILLER 60 FRANCE AVE SIMI VALLEY, CA. 93065. This Business is conducted by: AN INDIVIDUAL. Signed: JOEL LORIGNAN MILLER, OWNER. This statement was filed with the County Clerk of Los Angeles County on 07/24/2026. The registrant(s) has (have) commenced to transact business under the fictitious business name or names listed above on N/A. NOTICE- This Fictitious Name Statement expires five years from the date it was filed in the office of the County Clerk. A new Fictitious Business Name Statement must be filed prior to that date. The filing of this statement does not of itself authorize the use in this state of a Fictitious Business Name in violation of the rights of another under Federal, State, or common law (See section 14411 et seq. Business and Professions Code).

Published: ES Mountain Views News Dates Pub: July 25, August 1, 8, 15, 2026

FICTITIOUS BUSINESS NAME STATEMENT File No. 2026158574

The following person(s) is (are) doing business as: SILM CLEANING AND HAULING SERVICES 6647 WEBB AVE SUN VALLEY, CA. 91352. Full name of registrant(s) is (are) SILVIA NARCISO BAMACA 6647 WEBB AVE SUN VALLEY, CA. 91352. This Business is conducted by: AN INDIVIDUAL. Signed: SILVIA NARCISO BAMACA, OWNER. This statement was filed with the County Clerk of Los Angeles County on 07/22/2026. The registrant(s) has (have) commenced to transact business under the fictitious business name or names listed above on N/A. NOTICE- This Fictitious Name Statement expires five years from the date it was filed in the office of the County Clerk. A new Fictitious Business Name Statement must be filed prior to that date. The filing of this statement does not of itself authorize the use in this state of a Fictitious Business Name in violation of the rights of another under Federal, State, or common law (See section 14411 et seq. Business and Professions Code).

Published: ES Mountain Views News Dates Pub: July 25, August 1, 8, 15, 2026

FICTITIOUS BUSINESS NAME STATEMENT File No. 2026158677

The following person(s) is (are) doing business as: CUSTOM BOX IDEAS 13117 JUDD ST PACOIMA, CA. 91331. Full name of registrant(s) is (are) GEOVANNY FRANCISCO ALTAMIRANO MEJIA 13117 JUDD ST PACOIMA, CA. 91331. This Business is conducted by: AN INDIVIDUAL. Signed: GEOVANNY FRANCISCO ALTAMIRANO MEJIA, OWNER. This statement was filed with the County Clerk of Los Angeles County on 07/22/2026. The registrant(s) has (have) commenced to transact business under the fictitious business name or names listed above on N/A. NOTICE- This Fictitious Name Statement expires five years from the date it was filed in the office of the County Clerk. A new Fictitious Business Name Statement must be filed prior to that date. The filing of this statement does not of itself authorize the use in this state of a Fictitious Business Name in violation of the rights of another under Federal, State, or common law (See section 14411 et seq. Business and Professions Code).

Published: ES Mountain Views News Dates Pub: July 25, August 1, 8, 15, 2026

FICTITIOUS BUSINESS NAME STATEMENT File No. 2026158148

The following person(s) is (are) doing business as: IPPT CAREER SCHOOL 5644 VINELAND AVE NORTH HOLLYWOOD, CA. 91601. Full name of registrant(s) is (are) SOUTHERN CALIFORNIA HEALTH INSTITUTE 5644 VINELAND AVE NORTH HOLLYWOOD, CA. 91601. This Business is conducted by: A CORPORATION. Signed: IPPT CAREER SCHOOL, MARINA DONOYAN, CEO. This statement was filed with the County Clerk of Los Angeles County on 07/21/2026. The registrant(s) has (have) commenced to transact business under the fictitious business name or names listed above on N/A. NOTICE- This Fictitious Name Statement expires five years from the date it was filed in the office of the County Clerk. A new Fictitious Business Name Statement must be filed prior to that date. The filing of this statement does not of itself authorize the use in this state of a Fictitious Business Name in violation of the rights of another under Federal, State, or common law (See section 14411 et seq. Business and Professions Code).

Published: ES Mountain Views News Dates Pub: July 25, August 1, 8, 15, 2026

FICTITIOUS BUSINESS NAME STATEMENT File No. 2026158826

The following person(s) is (are) doing business as: EVOLVINGMOTORS 18264 ERWIN ST TARZANA, CA. 91335. Full name of registrant(s) is (are) SAMVEL GHUKASYAN 18264 ERWIN ST TARZANA, CA. 91335. This Business is conducted by: AN INDIVIDUAL. Signed: SAMVEL GHUKASYAN, OWNER. This statement was filed with the County Clerk of Los Angeles County on 07/22/2026. The registrant(s) has (have) commenced to transact business under the fictitious business name or names listed above on 07/2021. NOTICE- This Fictitious Name Statement expires five years from the date it was filed in the office of the County Clerk. A new Fictitious Business Name Statement must be filed prior to that date. The filing of this statement does not of itself authorize the use in this state of a Fictitious Business Name in violation of the rights of another under Federal, State, or common law (See section 14411 et seq. Business and Professions Code).

Published: ES Mountain Views News Dates Pub: July 25, August 1, 8, 15, 2026

FICTITIOUS BUSINESS NAME STATEMENT File No. 2026159760

The following person(s) is (are) doing business as: KANDOK AUTO REPAIR 11520 SAN FERNANDO RD SYLMAR, CA. 91342. Full name of registrant(s) is (are) KENNER FRANKLIN GARCIA 11520 SAN FERNANDO RD UNIT 2 SYLMAR, CA. 91342. This Business is conducted by: AN INDIVIDUAL. Signed: KENNER MAKELIN GARCIA, OWNER. This statement was filed with the County Clerk of Los Angeles County on 07/23/2026. The registrant(s) has (have) commenced to transact business under the fictitious business name or names listed above on N/A. NOTICE- This Fictitious Name Statement expires five years from the date it was filed in the office of the County Clerk. A new Fictitious Business Name Statement must be filed prior to that date.

Published: ES Mountain Views News Dates Pub: July 25, August 1, 8, 15, 2026

FICTITIOUS BUSINESS NAME STATEMENT File No. 2026159719

The following person(s) is (are) doing business as: SR KARPET ANDREASYAN 7842 CANBY AVE RESEDA, CA. 91335. Full name of registrant(s) is (are) KARPET ANDREASYAN 7842 CANBY AVE RESEDA, CA. 91335. This Business is conducted by: AN INDIVIDUAL. Signed: KARPET ANDREASYAN, OWNER. This statement was filed with the County Clerk of Los Angeles County on 07/24/2026. The registrant(s) has (have) commenced to transact business under the fictitious business name or names listed above on N/A. NOTICE- This Fictitious Name Statement expires five years from the date it was filed in the office of the County Clerk. A new Fictitious Business Name Statement must be filed prior to that date. The filing of this statement does not of itself authorize the use in this state of a Fictitious Business Name in violation of the rights of another under Federal, State, or common law (See section 14411 et seq. Business and Professions Code).

Published: ES Mountain Views News Dates Pub: July 25, August 1, 8, 15, 2026

Mountain View News 80 W Sierra Madre Blvd., No. 327 Sierra Madre, Ca. 91024 Office: 626.355.2737 Fax: 626.609.3285 Email: editor@mtnviewsnews.com Website: www.mtnviewsnews.com
